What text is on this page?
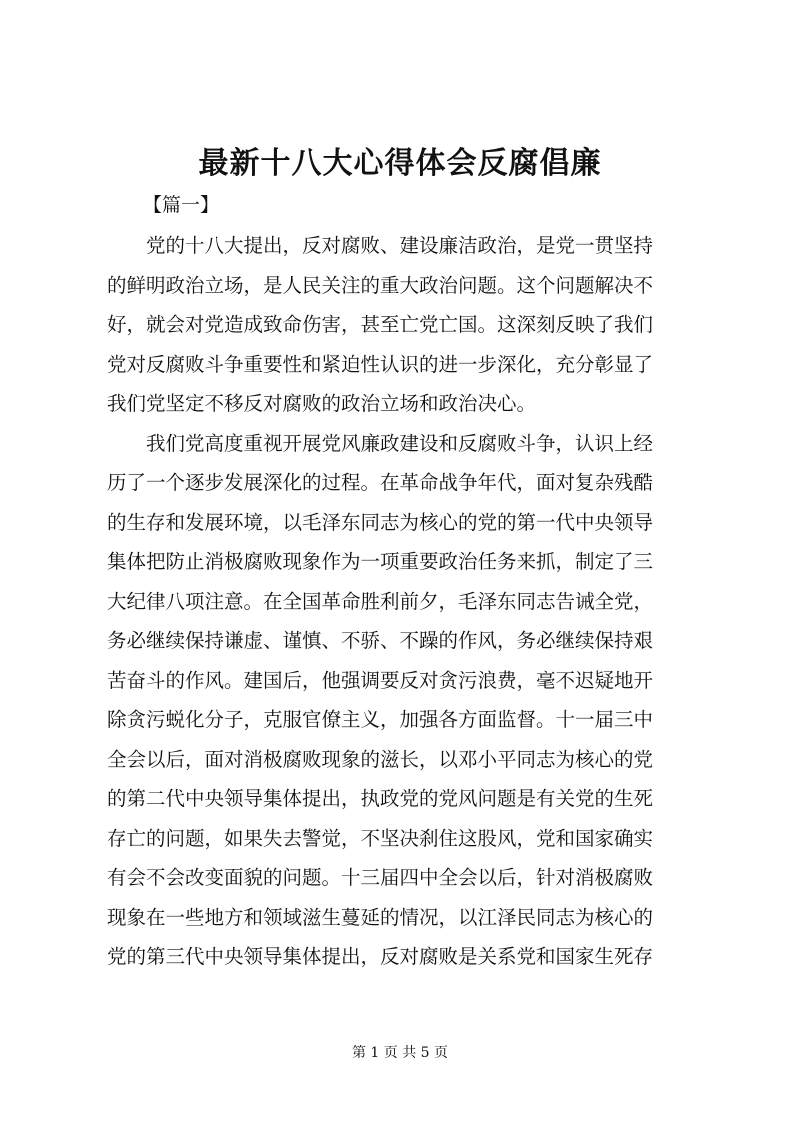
最新十八大心得体会反腐倡廉
【篇一】
　　党的十八大提出，反对腐败、建设廉洁政治，是党一贯坚持
的鲜明政治立场，是人民关注的重大政治问题。这个问题解决不
好，就会对党造成致命伤害，甚至亡党亡国。这深刻反映了我们
党对反腐败斗争重要性和紧迫性认识的进一步深化，充分彰显了
我们党坚定不移反对腐败的政治立场和政治决心。
　　我们党高度重视开展党风廉政建设和反腐败斗争，认识上经
历了一个逐步发展深化的过程。在革命战争年代，面对复杂残酷
的生存和发展环境，以毛泽东同志为核心的党的第一代中央领导
集体把防止消极腐败现象作为一项重要政治任务来抓，制定了三
大纪律八项注意。在全国革命胜利前夕，毛泽东同志告诫全党，
务必继续保持谦虚、谨慎、不骄、不躁的作风，务必继续保持艰
苦奋斗的作风。建国后，他强调要反对贪污浪费，毫不迟疑地开
除贪污蜕化分子，克服官僚主义，加强各方面监督。十一届三中
全会以后，面对消极腐败现象的滋长，以邓小平同志为核心的党
的第二代中央领导集体提出，执政党的党风问题是有关党的生死
存亡的问题，如果失去警觉，不坚决刹住这股风，党和国家确实
有会不会改变面貌的问题。十三届四中全会以后，针对消极腐败
现象在一些地方和领域滋生蔓延的情况，以江泽民同志为核心的
党的第三代中央领导集体提出，反对腐败是关系党和国家生死存
第 1 页 共 5 页
